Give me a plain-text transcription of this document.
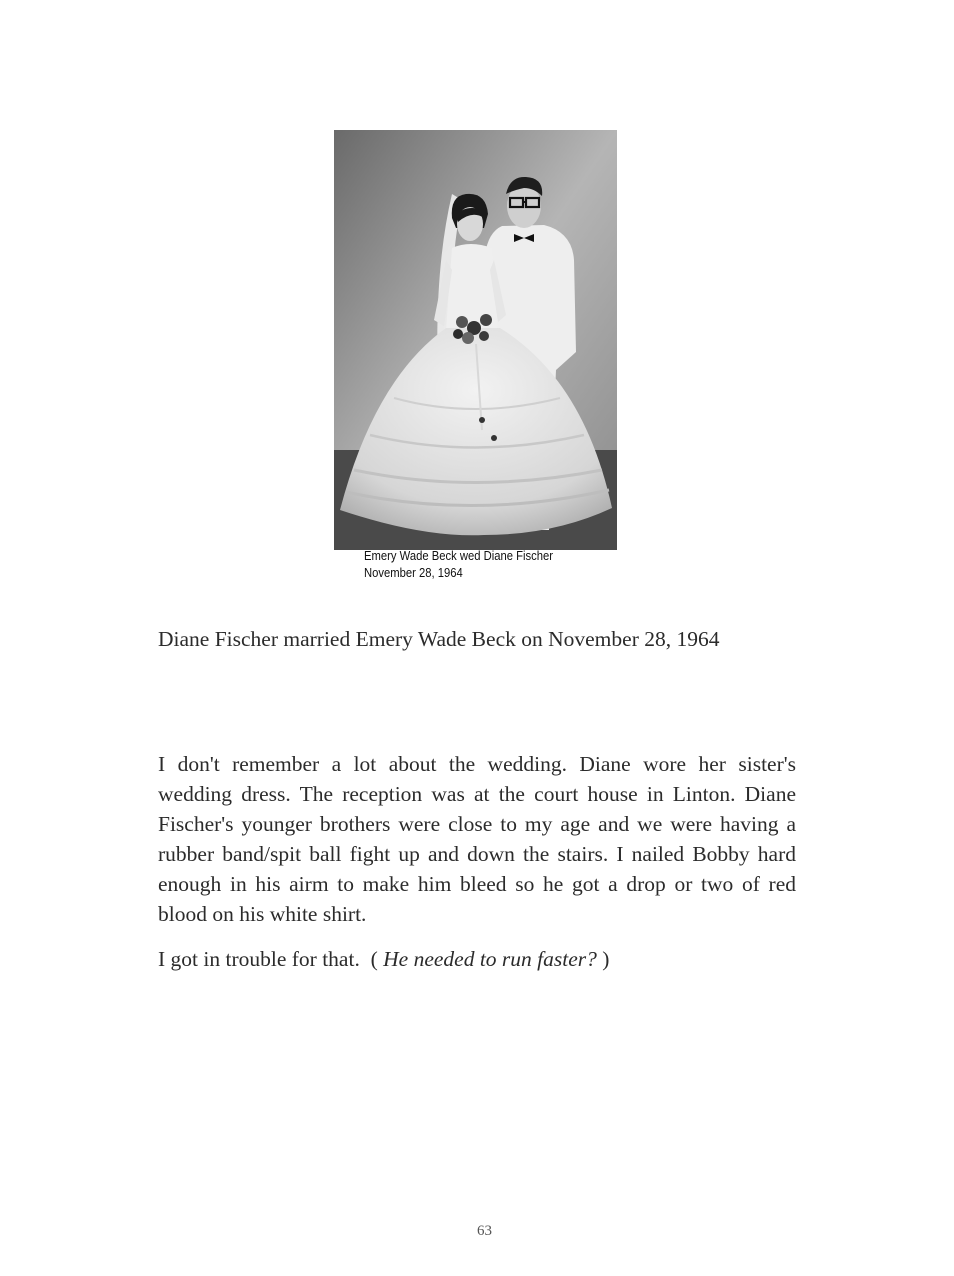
Emery Wade Beck wed Diane Fischer
November 28, 1964
Diane Fischer married Emery Wade Beck on November 28, 1964

I don't remember a lot about the wedding. Diane wore her sister's wedding dress. The reception was at the court house in Linton. Diane Fischer's younger brothers were close to my age and we were having a rubber band/spit ball fight up and down the stairs. I nailed Bobby hard enough in his airm to make him bleed so he got a drop or two of red blood on his white shirt.

I got in trouble for that. ( He needed to run faster? )
63
